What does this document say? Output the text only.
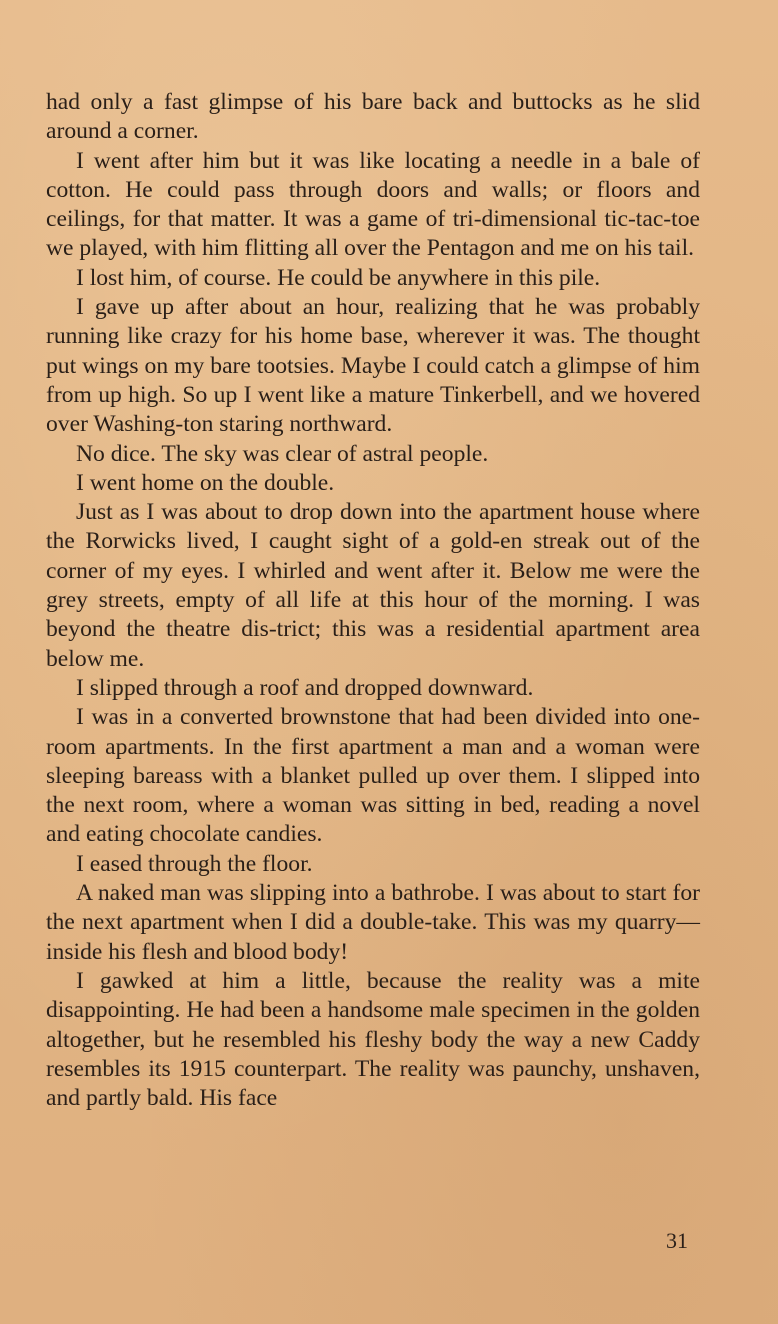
had only a fast glimpse of his bare back and buttocks as he slid around a corner.

I went after him but it was like locating a needle in a bale of cotton. He could pass through doors and walls; or floors and ceilings, for that matter. It was a game of tri-dimensional tic-tac-toe we played, with him flitting all over the Pentagon and me on his tail.

I lost him, of course. He could be anywhere in this pile.

I gave up after about an hour, realizing that he was probably running like crazy for his home base, wherever it was. The thought put wings on my bare tootsies. Maybe I could catch a glimpse of him from up high. So up I went like a mature Tinkerbell, and we hovered over Washing-ton staring northward.

No dice. The sky was clear of astral people.

I went home on the double.

Just as I was about to drop down into the apartment house where the Rorwicks lived, I caught sight of a gold-en streak out of the corner of my eyes. I whirled and went after it. Below me were the grey streets, empty of all life at this hour of the morning. I was beyond the theatre dis-trict; this was a residential apartment area below me.

I slipped through a roof and dropped downward.

I was in a converted brownstone that had been divided into one-room apartments. In the first apartment a man and a woman were sleeping bareass with a blanket pulled up over them. I slipped into the next room, where a woman was sitting in bed, reading a novel and eating chocolate candies.

I eased through the floor.

A naked man was slipping into a bathrobe. I was about to start for the next apartment when I did a double-take. This was my quarry—inside his flesh and blood body!

I gawked at him a little, because the reality was a mite disappointing. He had been a handsome male specimen in the golden altogether, but he resembled his fleshy body the way a new Caddy resembles its 1915 counterpart. The reality was paunchy, unshaven, and partly bald. His face

31
